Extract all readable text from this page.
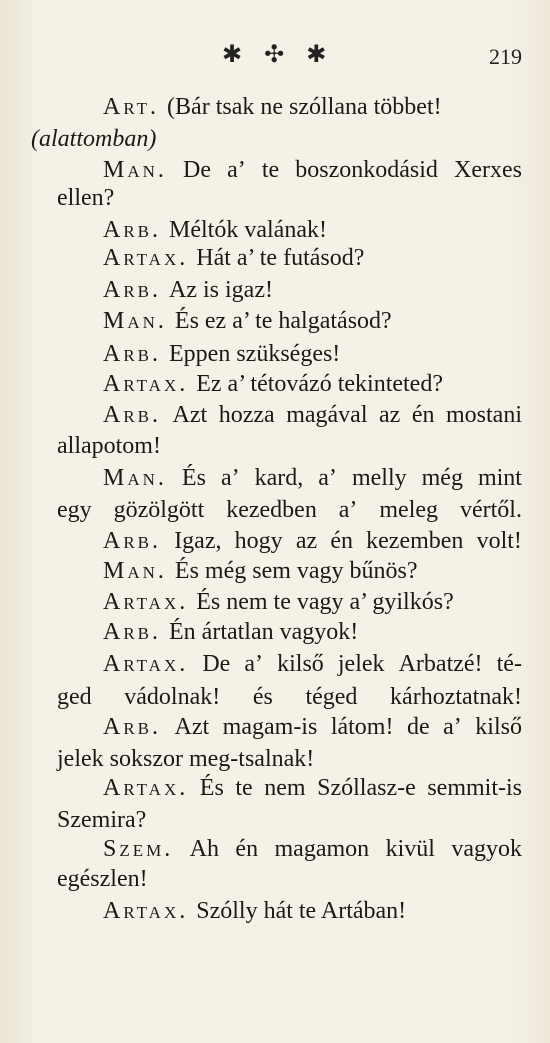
✱ ✣ ✱	219
Art. (Bár tsak ne szóllana többet!
(alattomban)
Man. De a’ te boszonkodásid Xerxes
ellen?
Arb. Méltók valának!
Artax. Hát a’ te futásod?
Arb. Az is igaz!
Man. És ez a’ te halgatásod?
Arb. Eppen szükséges!
Artax. Ez a’ tétovázó tekinteted?
Arb. Azt hozza magával az én mostani
allapotom!
Man. És a’ kard, a’ melly még mint
egy gözölgött kezedben a’ meleg vértől.
Arb. Igaz, hogy az én kezemben volt!
Man. És még sem vagy bűnös?
Artax. És nem te vagy a’ gyilkós?
Arb. Én ártatlan vagyok!
Artax. De a’ kilső jelek Arbatzé! té-
ged vádolnak! és téged kárhoztatnak!
Arb. Azt magam-is látom! de a’ kilső
jelek sokszor meg-tsalnak!
Artax. És te nem Szóllasz-e semmit-is
Szemira?
Szem. Ah én magamon kivül vagyok
egészlen!
Artax. Szólly hát te Artában!
